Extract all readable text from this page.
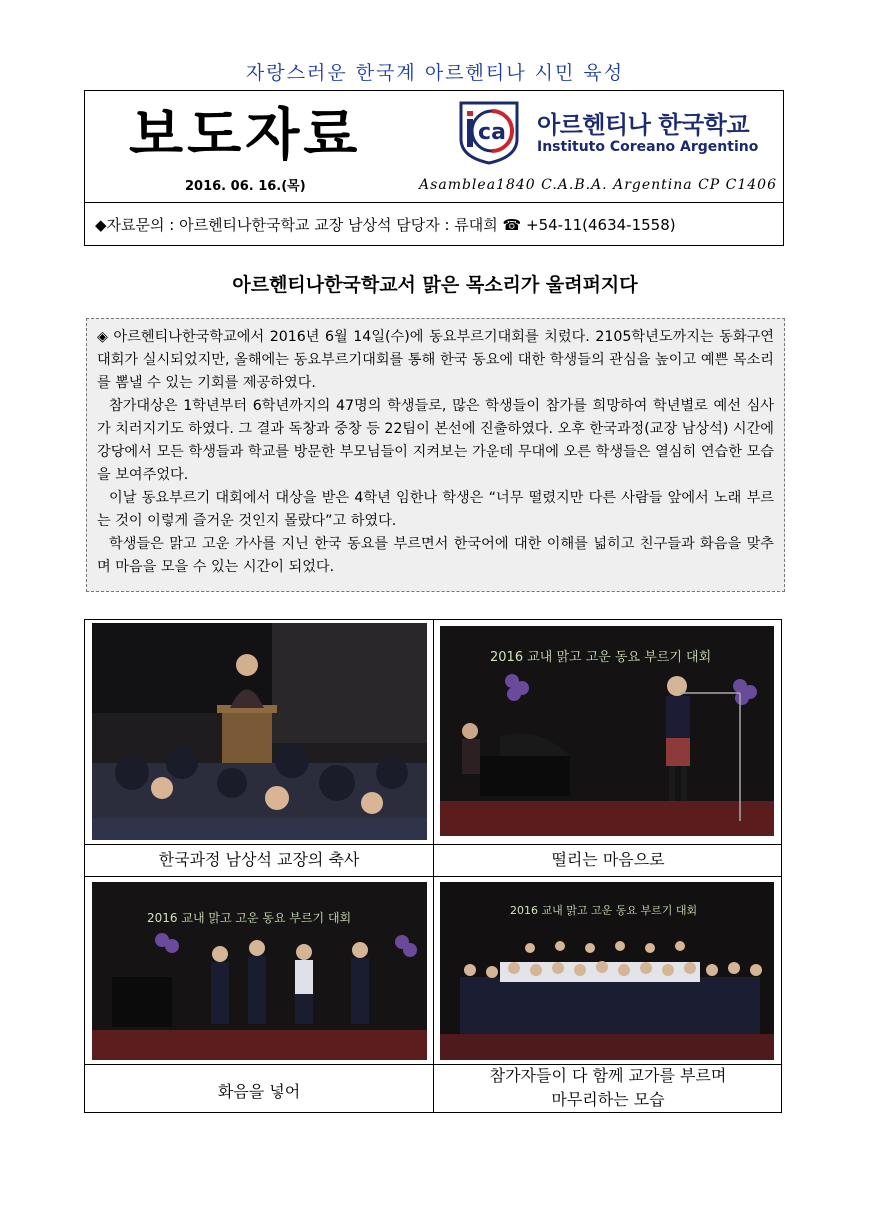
자랑스러운 한국계 아르헨티나 시민 육성
보도자료
2016. 06. 16.(목)
ca 아르헨티나 한국학교
Instituto Coreano Argentino
Asamblea1840 C.A.B.A. Argentina CP C1406
◆자료문의 : 아르헨티나한국학교 교장 남상석 담당자 : 류대희 ☎ +54-11(4634-1558)
아르헨티나한국학교서 맑은 목소리가 울려퍼지다

◈ 아르헨티나한국학교에서 2016년 6월 14일(수)에 동요부르기대회를 치렀다. 2105학년도까지는 동화구연대회가 실시되었지만, 올해에는 동요부르기대회를 통해 한국 동요에 대한 학생들의 관심을 높이고 예쁜 목소리를 뽐낼 수 있는 기회를 제공하였다.

참가대상은 1학년부터 6학년까지의 47명의 학생들로, 많은 학생들이 참가를 희망하여 학년별로 예선 심사가 치러지기도 하였다. 그 결과 독창과 중창 등 22팀이 본선에 진출하였다. 오후 한국과정(교장 남상석) 시간에 강당에서 모든 학생들과 학교를 방문한 부모님들이 지켜보는 가운데 무대에 오른 학생들은 열심히 연습한 모습을 보여주었다.

이날 동요부르기 대회에서 대상을 받은 4학년 임한나 학생은 “너무 떨렸지만 다른 사람들 앞에서 노래 부르는 것이 이렇게 즐거운 것인지 몰랐다”고 하였다.

학생들은 맑고 고운 가사를 지닌 한국 동요를 부르면서 한국어에 대한 이해를 넓히고 친구들과 화음을 맞추며 마음을 모을 수 있는 시간이 되었다.

2016 교내 맑고 고운 동요 부르기 대회
한국과정 남상석 교장의 축사	떨리는 마음으로
2016 교내 맑고 고운 동요 부르기 대회
2016 교내 맑고 고운 동요 부르기 대회
화음을 넣어
참가자들이 다 함께 교가를 부르며
마무리하는 모습
